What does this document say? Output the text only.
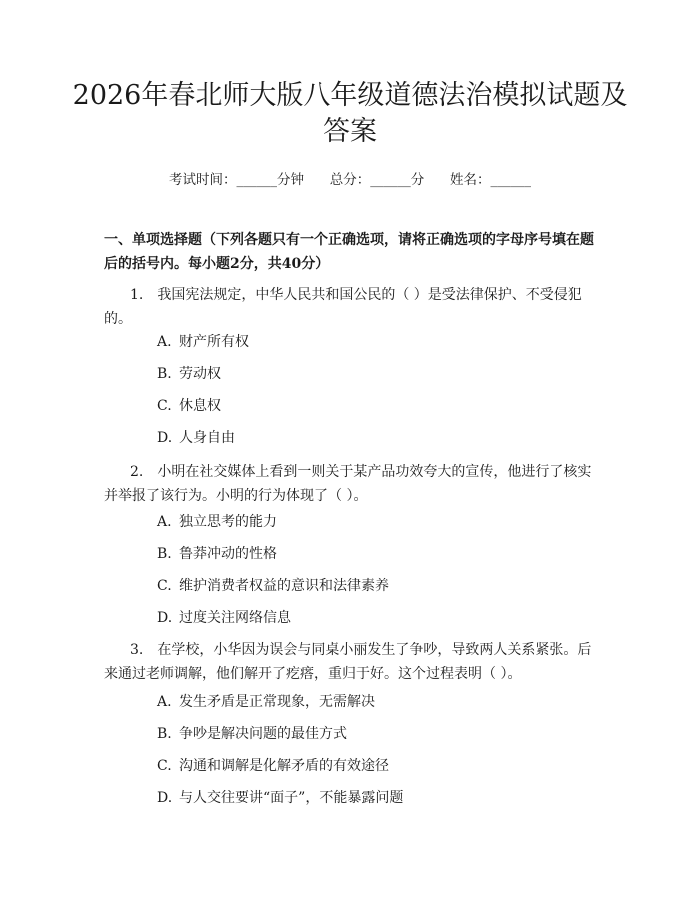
2026年春北师大版八年级道德法治模拟试题及答案
考试时间：______分钟      总分：______分      姓名：______

一、单项选择题（下列各题只有一个正确选项，请将正确选项的字母序号填在题后的括号内。每小题2分，共40分）

1.　我国宪法规定，中华人民共和国公民的（ ）是受法律保护、不受侵犯的。

A. 财产所有权
B. 劳动权
C. 休息权
D. 人身自由

2.　小明在社交媒体上看到一则关于某产品功效夸大的宣传，他进行了核实并举报了该行为。小明的行为体现了（ ）。

A. 独立思考的能力
B. 鲁莽冲动的性格
C. 维护消费者权益的意识和法律素养
D. 过度关注网络信息

3.　在学校，小华因为误会与同桌小丽发生了争吵，导致两人关系紧张。后来通过老师调解，他们解开了疙瘩，重归于好。这个过程表明（ ）。

A. 发生矛盾是正常现象，无需解决
B. 争吵是解决问题的最佳方式
C. 沟通和调解是化解矛盾的有效途径
D. 与人交往要讲“面子”，不能暴露问题
